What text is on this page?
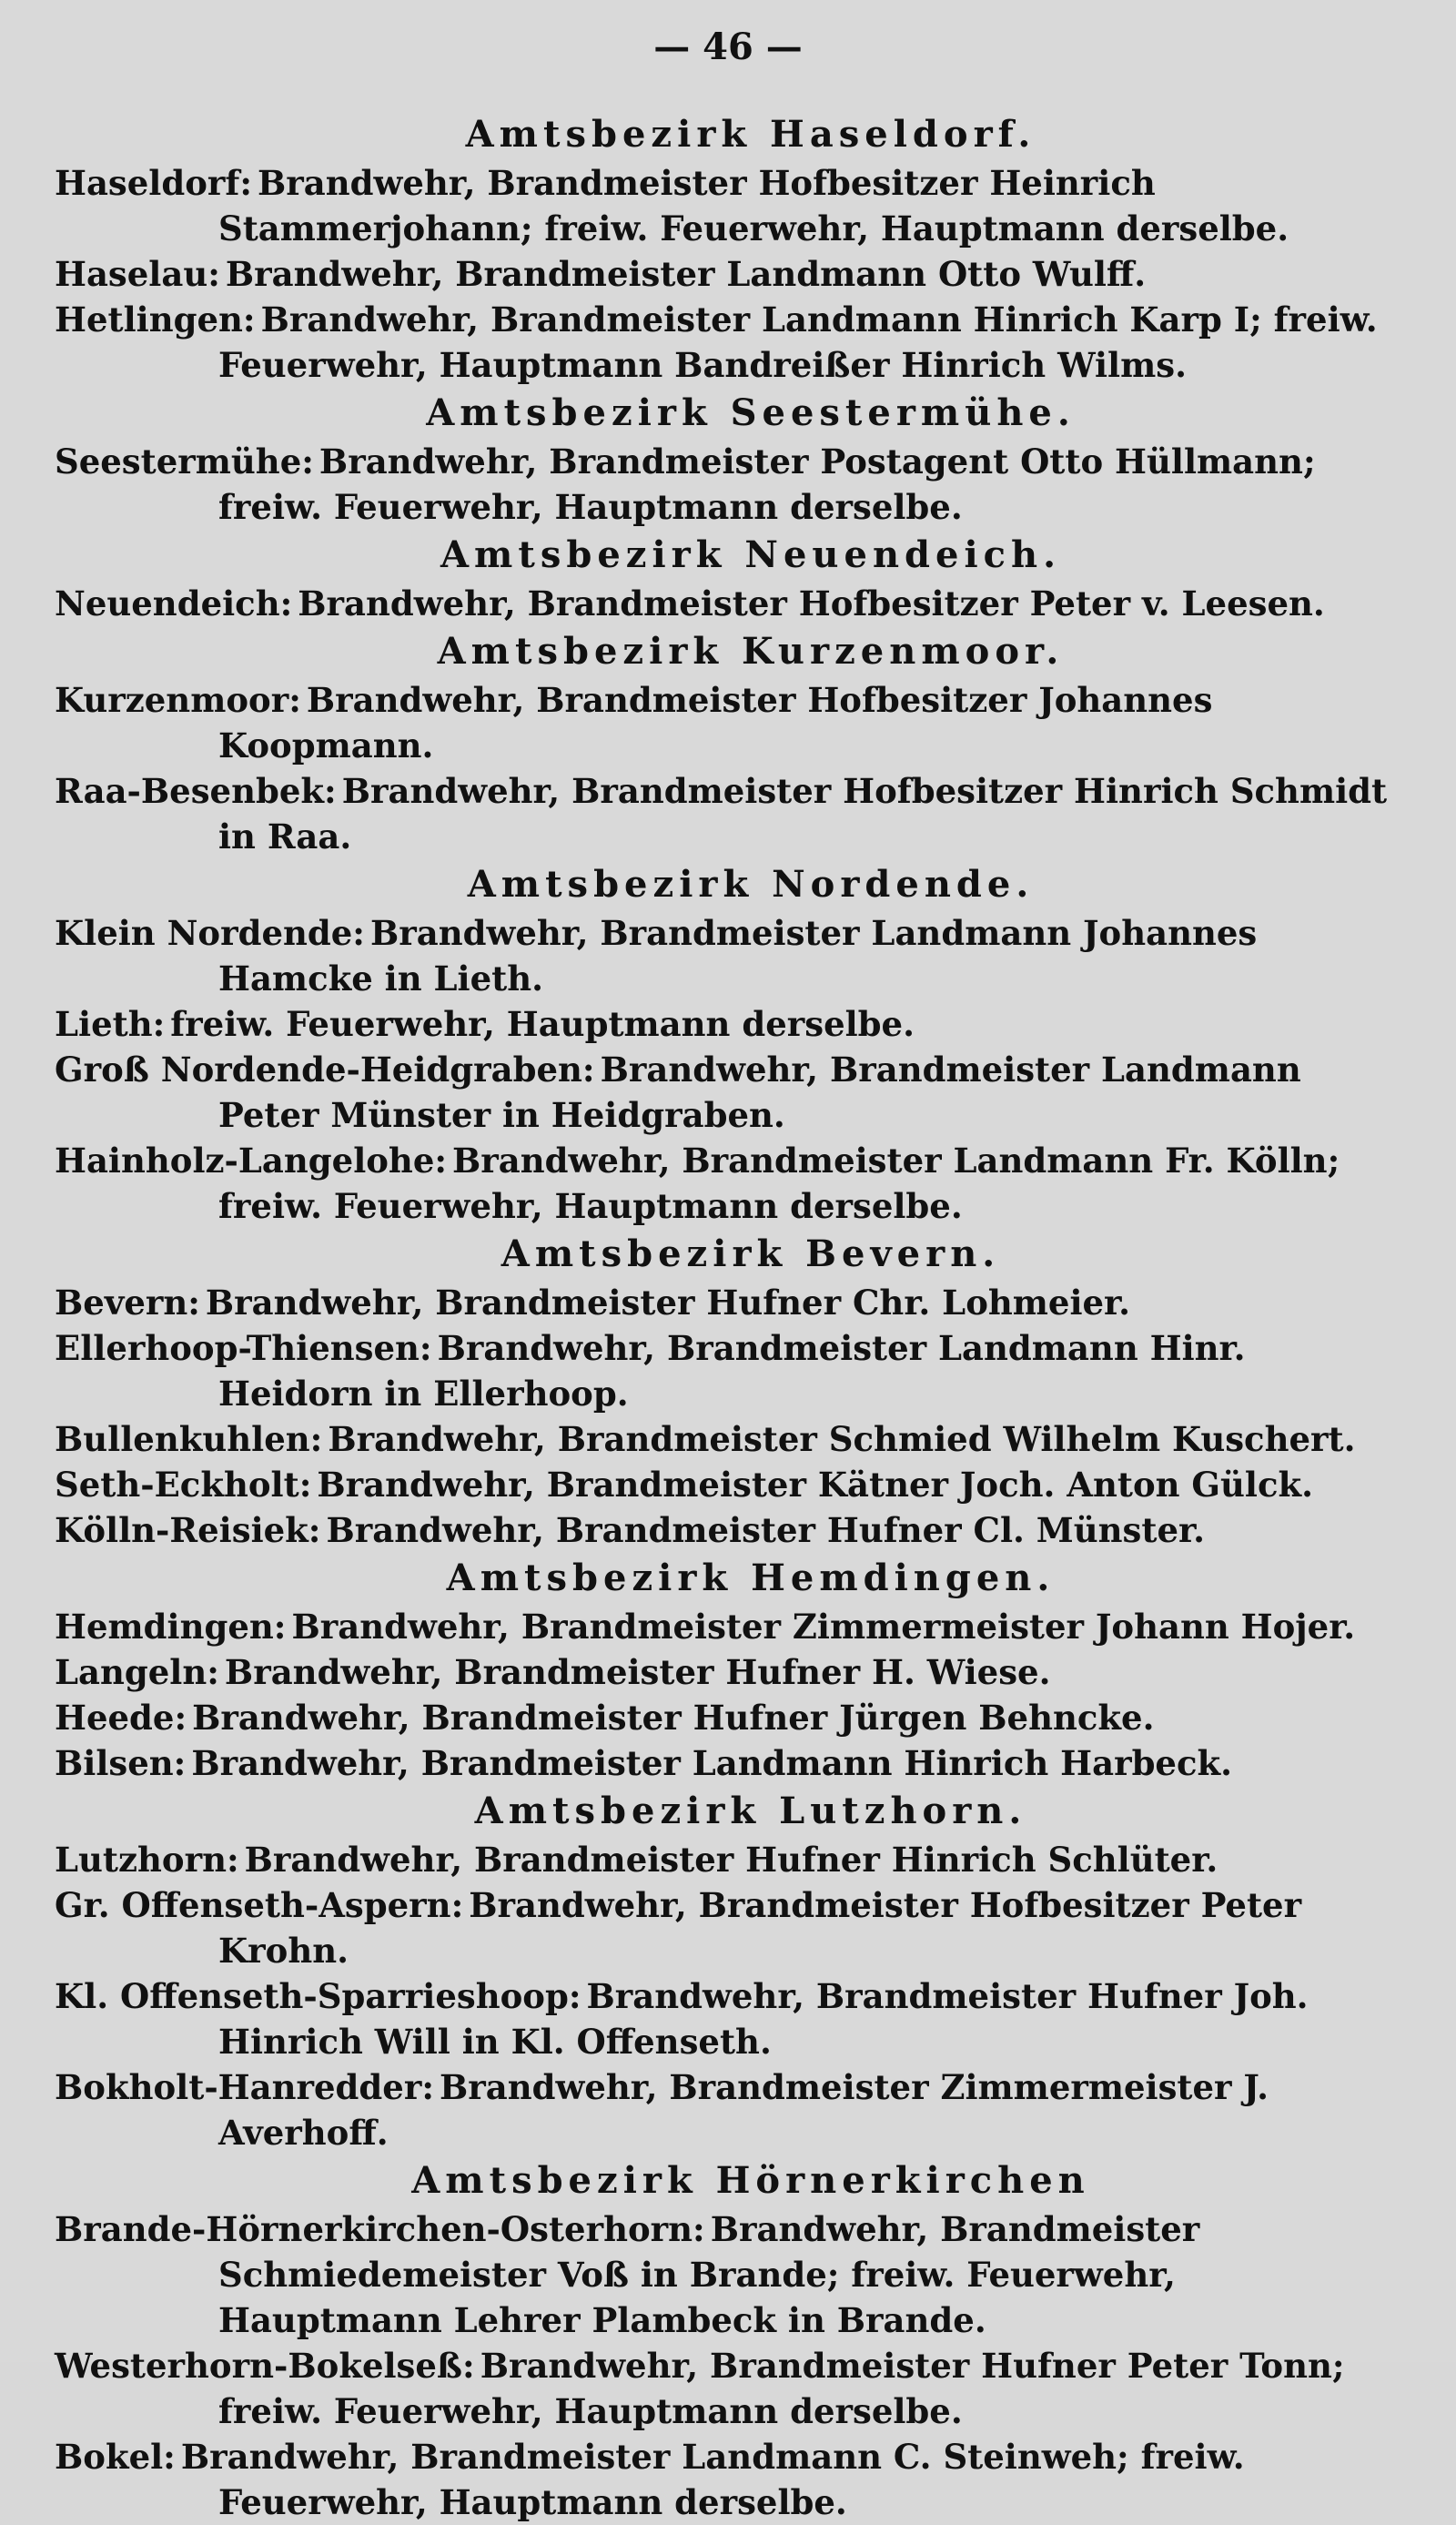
— 46 —
Amtsbezirk Haseldorf.
Haseldorf: Brandwehr, Brandmeister Hofbesitzer Heinrich Stammerjohann; freiw. Feuerwehr, Hauptmann derselbe.
Haselau: Brandwehr, Brandmeister Landmann Otto Wulff.
Hetlingen: Brandwehr, Brandmeister Landmann Hinrich Karp I; freiw. Feuerwehr, Hauptmann Bandreißer Hinrich Wilms.
Amtsbezirk Seestermühe.
Seestermühe: Brandwehr, Brandmeister Postagent Otto Hüllmann; freiw. Feuerwehr, Hauptmann derselbe.
Amtsbezirk Neuendeich.
Neuendeich: Brandwehr, Brandmeister Hofbesitzer Peter v. Leesen.
Amtsbezirk Kurzenmoor.
Kurzenmoor: Brandwehr, Brandmeister Hofbesitzer Johannes Koopmann.
Raa-Besenbek: Brandwehr, Brandmeister Hofbesitzer Hinrich Schmidt in Raa.
Amtsbezirk Nordende.
Klein Nordende: Brandwehr, Brandmeister Landmann Johannes Hamcke in Lieth.
Lieth: freiw. Feuerwehr, Hauptmann derselbe.
Groß Nordende-Heidgraben: Brandwehr, Brandmeister Landmann Peter Münster in Heidgraben.
Hainholz-Langelohe: Brandwehr, Brandmeister Landmann Fr. Kölln; freiw. Feuerwehr, Hauptmann derselbe.
Amtsbezirk Bevern.
Bevern: Brandwehr, Brandmeister Hufner Chr. Lohmeier.
Ellerhoop-Thiensen: Brandwehr, Brandmeister Landmann Hinr. Heidorn in Ellerhoop.
Bullenkuhlen: Brandwehr, Brandmeister Schmied Wilhelm Kuschert.
Seth-Eckholt: Brandwehr, Brandmeister Kätner Joch. Anton Gülck.
Kölln-Reisiek: Brandwehr, Brandmeister Hufner Cl. Münster.
Amtsbezirk Hemdingen.
Hemdingen: Brandwehr, Brandmeister Zimmermeister Johann Hojer.
Langeln: Brandwehr, Brandmeister Hufner H. Wiese.
Heede: Brandwehr, Brandmeister Hufner Jürgen Behncke.
Bilsen: Brandwehr, Brandmeister Landmann Hinrich Harbeck.
Amtsbezirk Lutzhorn.
Lutzhorn: Brandwehr, Brandmeister Hufner Hinrich Schlüter.
Gr. Offenseth-Aspern: Brandwehr, Brandmeister Hofbesitzer Peter Krohn.
Kl. Offenseth-Sparrieshoop: Brandwehr, Brandmeister Hufner Joh. Hinrich Will in Kl. Offenseth.
Bokholt-Hanredder: Brandwehr, Brandmeister Zimmermeister J. Averhoff.
Amtsbezirk Hörnerkirchen
Brande-Hörnerkirchen-Osterhorn: Brandwehr, Brandmeister Schmiedemeister Voß in Brande; freiw. Feuerwehr, Hauptmann Lehrer Plambeck in Brande.
Westerhorn-Bokelseß: Brandwehr, Brandmeister Hufner Peter Tonn; freiw. Feuerwehr, Hauptmann derselbe.
Bokel: Brandwehr, Brandmeister Landmann C. Steinweh; freiw. Feuerwehr, Hauptmann derselbe.
